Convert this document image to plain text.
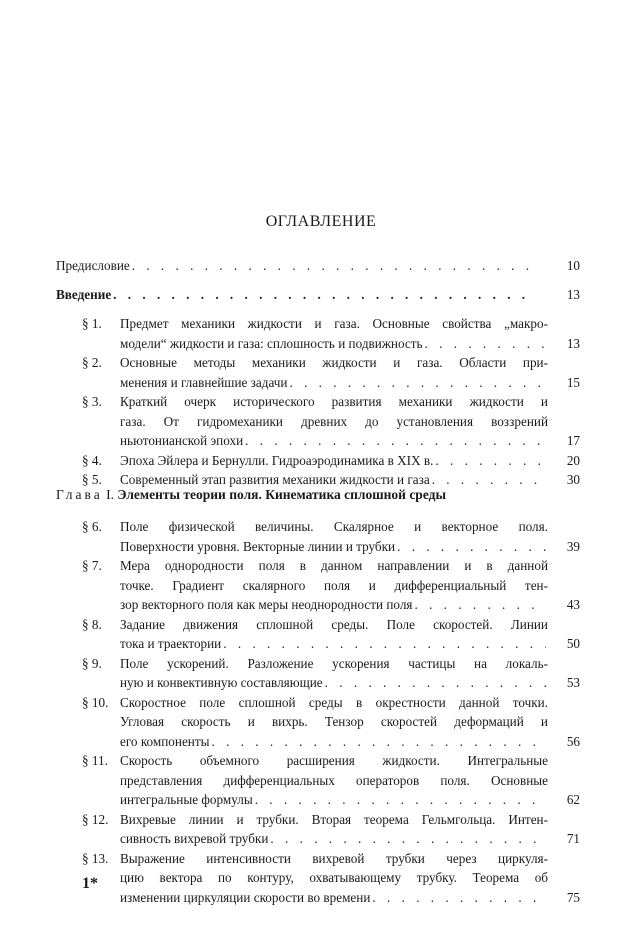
ОГЛАВЛЕНИЕ
Предисловие . . .	10
Введение . . .	13
§ 1.	Предмет механики жидкости и газа. Основные свойства „макро-
модели“ жидкости и газа: сплошность и подвижность . . .	13
§ 2.	Основные методы механики жидкости и газа. Области при-
менения и главнейшие задачи . . .	15
§ 3.	Краткий очерк исторического развития механики жидкости и
газа. От гидромеханики древних до установления воззрений
ньютонианской эпохи . . .	17
§ 4.	Эпоха Эйлера и Бернулли. Гидроаэродинамика в XIX в. . . .	20
§ 5.	Современный этап развития механики жидкости и газа . . .	30
Глава I. Элементы теории поля. Кинематика сплошной среды
§ 6.	Поле физической величины. Скалярное и векторное поля.
Поверхности уровня. Векторные линии и трубки . . .	39
§ 7.	Мера однородности поля в данном направлении и в данной
точке. Градиент скалярного поля и дифференциальный тен-
зор векторного поля как меры неоднородности поля . . .	43
§ 8.	Задание движения сплошной среды. Поле скоростей. Линии
тока и траектории . . .	50
§ 9.	Поле ускорений. Разложение ускорения частицы на локаль-
ную и конвективную составляющие . . .	53
§ 10. Скоростное поле сплошной среды в окрестности данной точки.
Угловая скорость и вихрь. Тензор скоростей деформаций и
его компоненты . . .	56
§ 11. Скорость объемного расширения жидкости. Интегральные
представления дифференциальных операторов поля. Основные
интегральные формулы . . .	62
§ 12. Вихревые линии и трубки. Вторая теорема Гельмгольца. Интен-
сивность вихревой трубки . . .	71
§ 13. Выражение интенсивности вихревой трубки через циркуля-
цию вектора по контуру, охватывающему трубку. Теорема об
изменении циркуляции скорости во времени . . .	75
1*
